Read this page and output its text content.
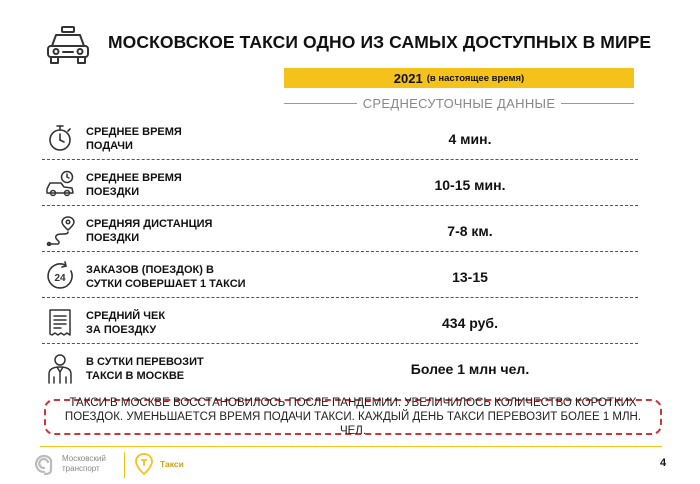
МОСКОВСКОЕ ТАКСИ ОДНО ИЗ САМЫХ ДОСТУПНЫХ В МИРЕ
2021 (в настоящее время)
СРЕДНЕСУТОЧНЫЕ ДАННЫЕ
СРЕДНЕЕ ВРЕМЯ
ПОДАЧИ	4 мин.
СРЕДНЕЕ ВРЕМЯ
ПОЕЗДКИ	10-15 мин.
СРЕДНЯЯ ДИСТАНЦИЯ
ПОЕЗДКИ	7-8 км.
24
ЗАКАЗОВ (ПОЕЗДОК) В
СУТКИ СОВЕРШАЕТ 1 ТАКСИ	13-15
СРЕДНИЙ ЧЕК
ЗА ПОЕЗДКУ	434 руб.
В СУТКИ ПЕРЕВОЗИТ
ТАКСИ В МОСКВЕ	Более 1 млн чел.
ТАКСИ В МОСКВЕ ВОССТАНОВИЛОСЬ ПОСЛЕ ПАНДЕМИИ. УВЕЛИЧИЛОСЬ КОЛИЧЕСТВО КОРОТКИХ ПОЕЗДОК. УМЕНЬШАЕТСЯ ВРЕМЯ ПОДАЧИ ТАКСИ. КАЖДЫЙ ДЕНЬ ТАКСИ ПЕРЕВОЗИТ БОЛЕЕ 1 МЛН. ЧЕЛ.
Московский
транспорт	Такси	4
